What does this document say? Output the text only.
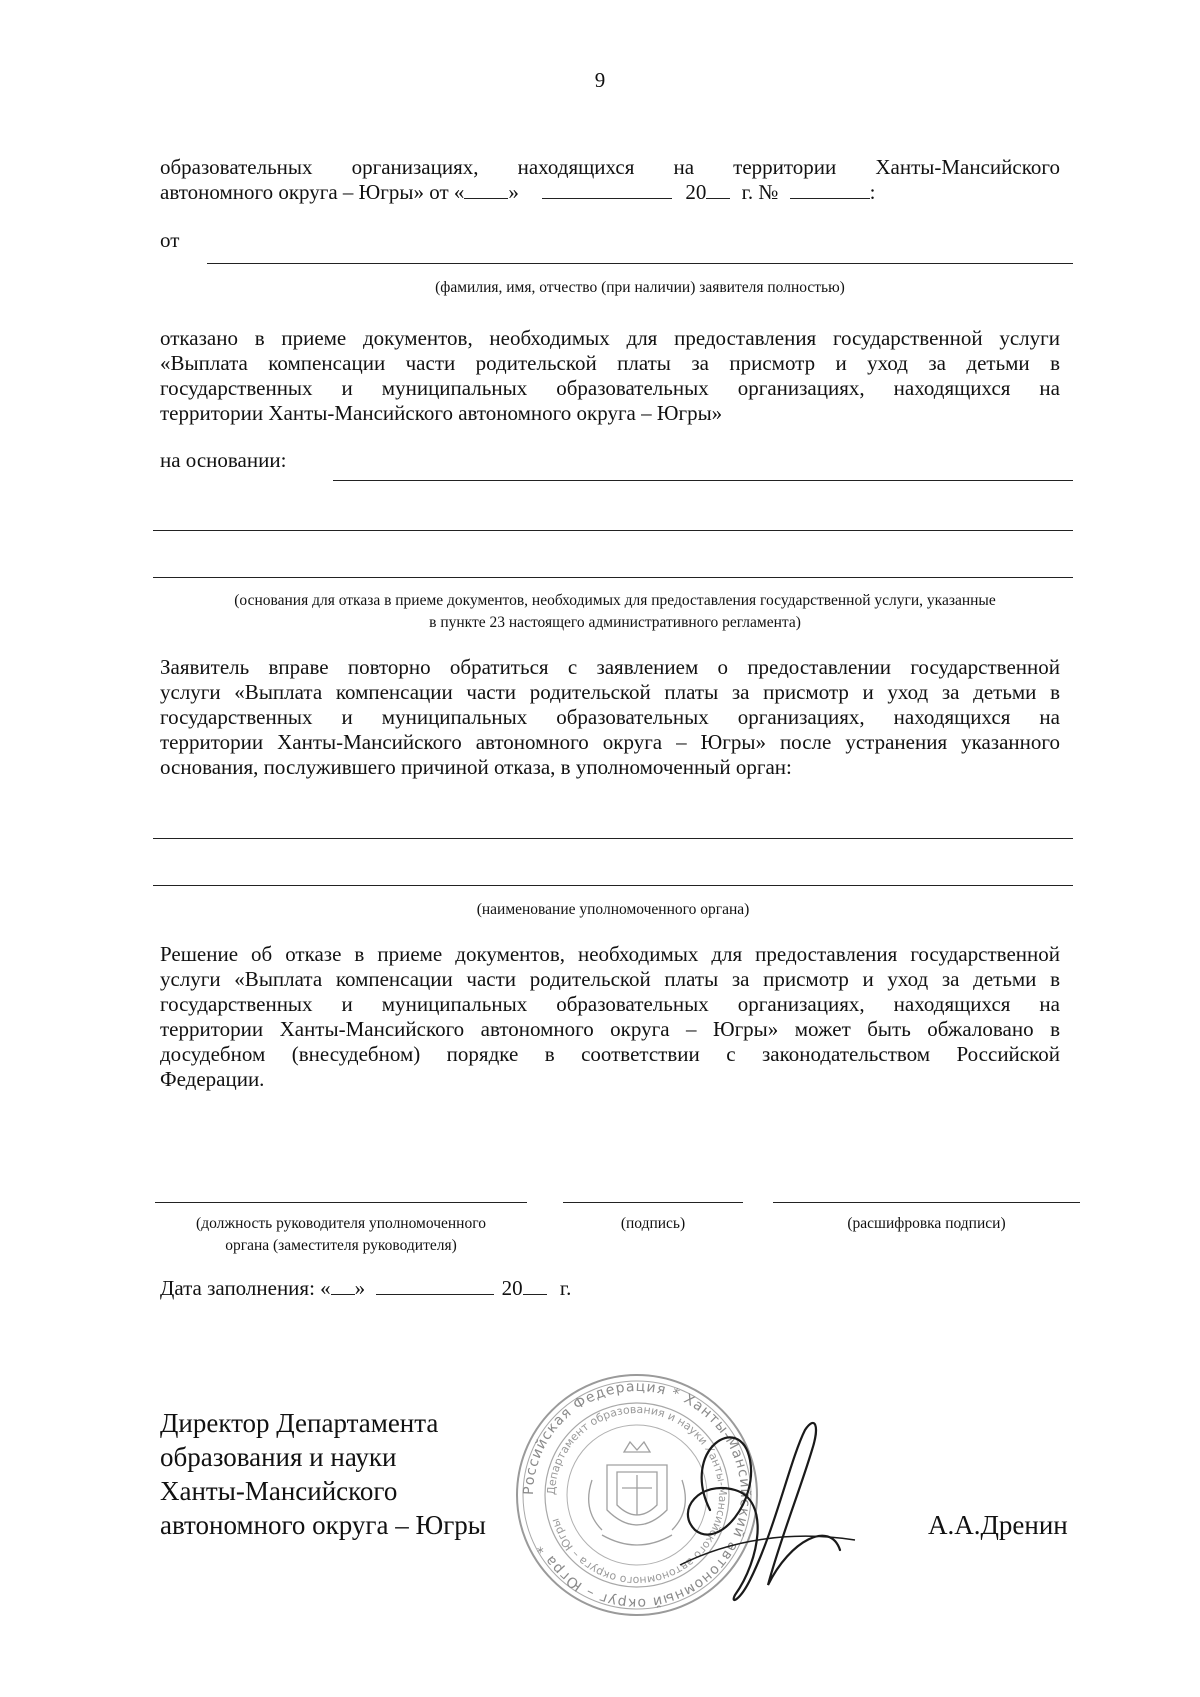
9
образовательных организациях, находящихся на территории Ханты-Мансийского
автономного округа – Югры» от « »	20 г. №	:
от
(фамилия, имя, отчество (при наличии) заявителя полностью)
отказано в приеме документов, необходимых для предоставления государственной услуги
«Выплата компенсации части родительской платы за присмотр и уход за детьми в
государственных и муниципальных образовательных организациях, находящихся на
территории Ханты-Мансийского автономного округа – Югры»
на основании:
(основания для отказа в приеме документов, необходимых для предоставления государственной услуги, указанные
в пункте 23 настоящего административного регламента)
Заявитель вправе повторно обратиться с заявлением о предоставлении государственной
услуги «Выплата компенсации части родительской платы за присмотр и уход за детьми в
государственных и муниципальных образовательных организациях, находящихся на
территории Ханты-Мансийского автономного округа – Югры» после устранения указанного
основания, послужившего причиной отказа, в уполномоченный орган:
(наименование уполномоченного органа)
Решение об отказе в приеме документов, необходимых для предоставления государственной
услуги «Выплата компенсации части родительской платы за присмотр и уход за детьми в
государственных и муниципальных образовательных организациях, находящихся на
территории Ханты-Мансийского автономного округа – Югры» может быть обжаловано в
досудебном (внесудебном) порядке в соответствии с законодательством Российской
Федерации.
(должность руководителя уполномоченного
органа (заместителя руководителя)
(подпись)	(расшифровка подписи)
Дата заполнения: « »	20 г.
Директор Департамента
образования и науки
Ханты-Мансийского
автономного округа – Югры	А.А.Дренин
Российская Федерация * Ханты-Мансийский автономный округ – Югра *
Департамент образования и науки Ханты-Мансийского автономного округа – Югры
